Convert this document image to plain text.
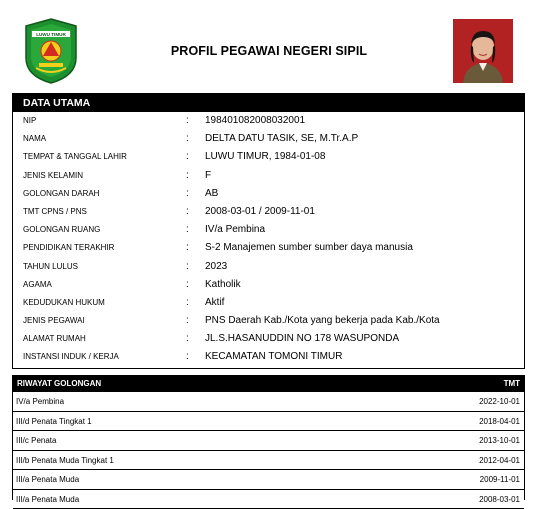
LUWU TIMUR
PROFIL PEGAWAI NEGERI SIPIL
DATA UTAMA
NIP	: 198401082008032001
NAMA	: DELTA DATU TASIK, SE, M.Tr.A.P
TEMPAT & TANGGAL LAHIR	: LUWU TIMUR, 1984-01-08
JENIS KELAMIN	: F
GOLONGAN DARAH	: AB
TMT CPNS / PNS	: 2008-03-01 / 2009-11-01
GOLONGAN RUANG	: IV/a Pembina
PENDIDIKAN TERAKHIR	: S-2 Manajemen sumber sumber daya manusia
TAHUN LULUS	: 2023
AGAMA	: Katholik
KEDUDUKAN HUKUM	: Aktif
JENIS PEGAWAI	: PNS Daerah Kab./Kota yang bekerja pada Kab./Kota
ALAMAT RUMAH	: JL.S.HASANUDDIN NO 178 WASUPONDA
INSTANSI INDUK / KERJA	: KECAMATAN TOMONI TIMUR
RIWAYAT GOLONGAN	TMT
IV/a Pembina	2022-10-01
III/d Penata Tingkat 1	2018-04-01
III/c Penata	2013-10-01
III/b Penata Muda Tingkat 1	2012-04-01
III/a Penata Muda	2009-11-01
III/a Penata Muda	2008-03-01
